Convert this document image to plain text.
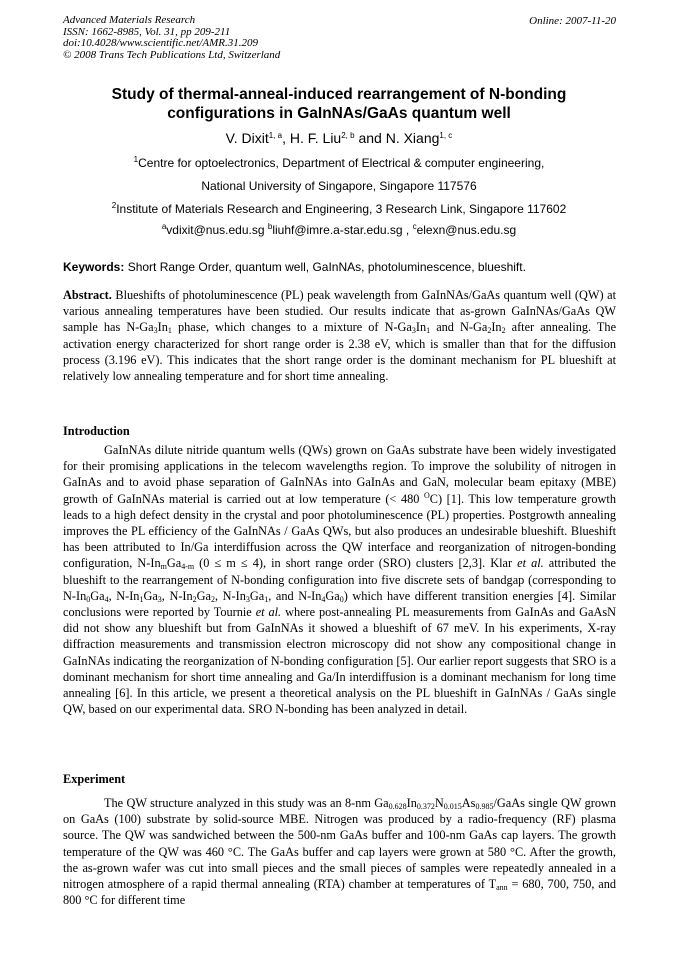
Advanced Materials Research
ISSN: 1662-8985, Vol. 31, pp 209-211
doi:10.4028/www.scientific.net/AMR.31.209
© 2008 Trans Tech Publications Ltd, Switzerland
Online: 2007-11-20
Study of thermal-anneal-induced rearrangement of N-bonding
configurations in GaInNAs/GaAs quantum well
V. Dixit$^{1, a}$, H. F. Liu$^{2, b}$ and N. Xiang$^{1, c}$
$^1$Centre for optoelectronics, Department of Electrical & computer engineering,
National University of Singapore, Singapore 117576
$^2$Institute of Materials Research and Engineering, 3 Research Link, Singapore 117602
$^a$vdixit@nus.edu.sg $^b$liuhf@imre.a-star.edu.sg , $^c$elexn@nus.edu.sg
Keywords: Short Range Order, quantum well, GaInNAs, photoluminescence, blueshift.
Abstract. Blueshifts of photoluminescence (PL) peak wavelength from GaInNAs/GaAs quantum well (QW) at various annealing temperatures have been studied. Our results indicate that as-grown GaInNAs/GaAs QW sample has $N-Ga_3In_1$ phase, which changes to a mixture of $N-Ga_3In_1$ and $N-Ga_2In_2$ after annealing. The activation energy characterized for short range order is 2.38 eV, which is smaller than that for the diffusion process (3.196 eV). This indicates that the short range order is the dominant mechanism for PL blueshift at relatively low annealing temperature and for short time annealing.
Introduction
GaInNAs dilute nitride quantum wells (QWs) grown on GaAs substrate have been widely investigated for their promising applications in the telecom wavelengths region. To improve the solubility of nitrogen in GaInAs and to avoid phase separation of GaInNAs into GaInAs and GaN, molecular beam epitaxy (MBE) growth of GaInNAs material is carried out at low temperature (< 480 $^O$C) [1]. This low temperature growth leads to a high defect density in the crystal and poor photoluminescence (PL) properties. Postgrowth annealing improves the PL efficiency of the GaInNAs / GaAs QWs, but also produces an undesirable blueshift. Blueshift has been attributed to In/Ga interdiffusion across the QW interface and reorganization of nitrogen-bonding configuration, $N-In_mGa_{4-m}$ (0 ≤ m ≤ 4), in short range order (SRO) clusters [2,3]. Klar et al. attributed the blueshift to the rearrangement of N-bonding configuration into five discrete sets of bandgap (corresponding to $N-In_0Ga_4$, $N-In_1Ga_3$, $N-In_2Ga_2$, $N-In_3Ga_1$, and $N-In_4Ga_0$) which have different transition energies [4]. Similar conclusions were reported by Tournie et al. where post-annealing PL measurements from GaInAs and GaAsN did not show any blueshift but from GaInNAs it showed a blueshift of 67 meV. In his experiments, X-ray diffraction measurements and transmission electron microscopy did not show any compositional change in GaInNAs indicating the reorganization of N-bonding configuration [5]. Our earlier report suggests that SRO is a dominant mechanism for short time annealing and Ga/In interdiffusion is a dominant mechanism for long time annealing [6]. In this article, we present a theoretical analysis on the PL blueshift in GaInNAs / GaAs single QW, based on our experimental data. SRO N-bonding has been analyzed in detail.
Experiment
The QW structure analyzed in this study was an 8-nm $Ga_{0.628}In_{0.372}N_{0.015}As_{0.985}$/GaAs single QW grown on GaAs (100) substrate by solid-source MBE. Nitrogen was produced by a radio-frequency (RF) plasma source. The QW was sandwiched between the 500-nm GaAs buffer and 100-nm GaAs cap layers. The growth temperature of the QW was 460 °C. The GaAs buffer and cap layers were grown at 580 °C. After the growth, the as-grown wafer was cut into small pieces and the small pieces of samples were repeatedly annealed in a nitrogen atmosphere of a rapid thermal annealing (RTA) chamber at temperatures of $T_{ann} = 680$, 700, 750, and 800 °C for different time
